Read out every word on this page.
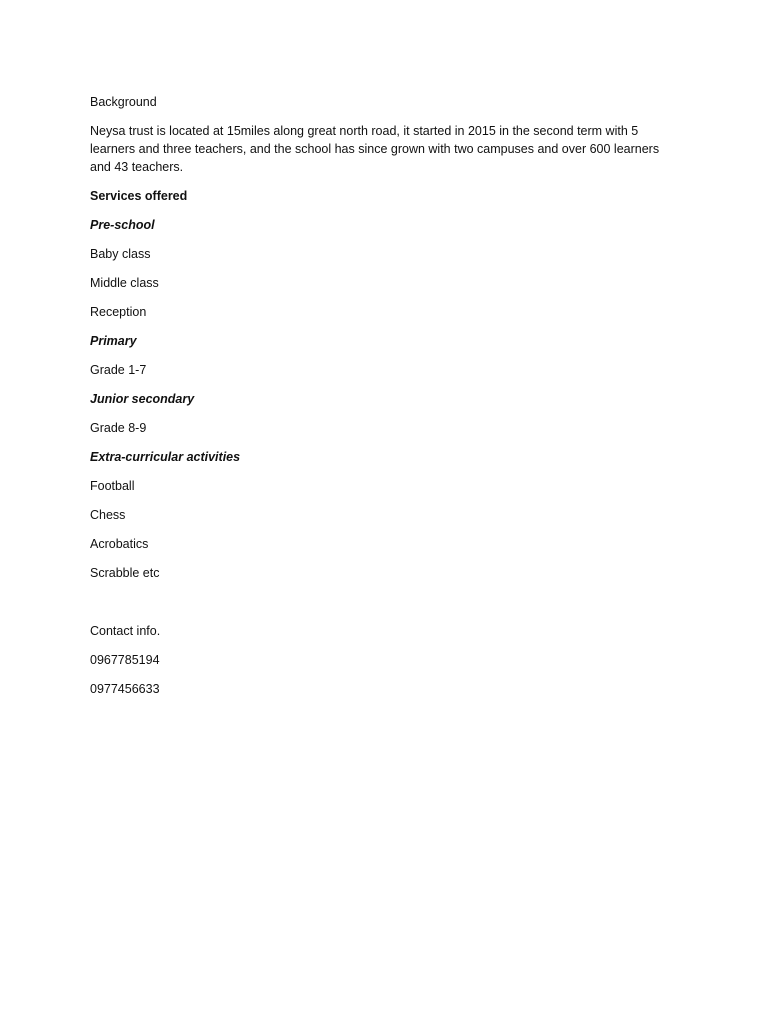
Background
Neysa trust is located at 15miles along great north road, it started in 2015 in the second term with 5 learners and three teachers, and the school has since grown with two campuses and over 600 learners and 43 teachers.
Services offered
Pre-school
Baby class
Middle class
Reception
Primary
Grade 1-7
Junior secondary
Grade 8-9
Extra-curricular activities
Football
Chess
Acrobatics
Scrabble etc
Contact info.
0967785194
0977456633
